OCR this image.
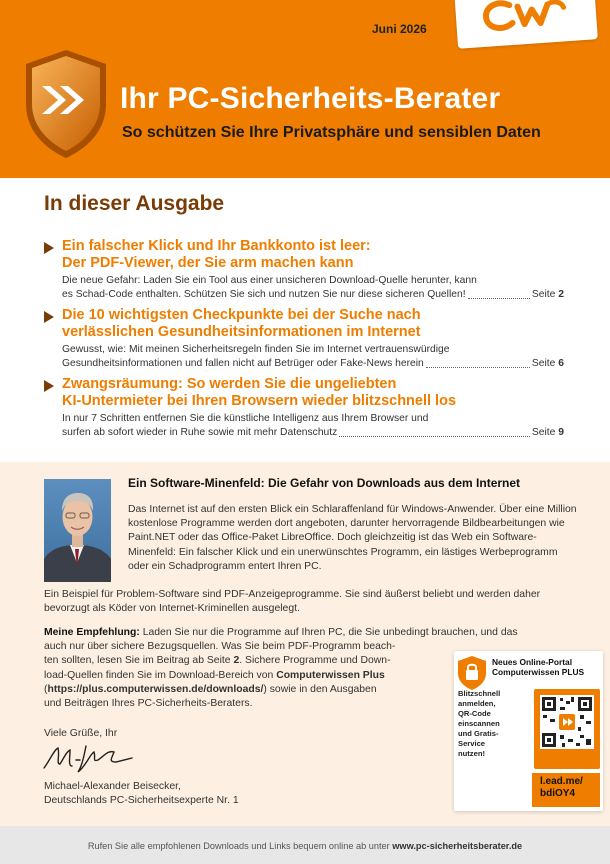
Juni 2026
Ihr PC-Sicherheits-Berater
So schützen Sie Ihre Privatsphäre und sensiblen Daten
In dieser Ausgabe
Ein falscher Klick und Ihr Bankkonto ist leer:
Der PDF-Viewer, der Sie arm machen kann
Die neue Gefahr: Laden Sie ein Tool aus einer unsicheren Download-Quelle herunter, kann
es Schad-Code enthalten. Schützen Sie sich und nutzen Sie nur diese sicheren Quellen!	Seite 2
Die 10 wichtigsten Checkpunkte bei der Suche nach
verlässlichen Gesundheitsinformationen im Internet
Gewusst, wie: Mit meinen Sicherheitsregeln finden Sie im Internet vertrauenswürdige
Gesundheitsinformationen und fallen nicht auf Betrüger oder Fake-News herein	Seite 6
Zwangsräumung: So werden Sie die ungeliebten
KI-Untermieter bei Ihren Browsern wieder blitzschnell los
In nur 7 Schritten entfernen Sie die künstliche Intelligenz aus Ihrem Browser und
surfen ab sofort wieder in Ruhe sowie mit mehr Datenschutz	Seite 9
Ein Software-Minenfeld: Die Gefahr von Downloads aus dem Internet
Das Internet ist auf den ersten Blick ein Schlaraffenland für Windows-Anwender. Über eine Million kostenlose Programme werden dort angeboten, darunter hervorragende Bildbearbeitungen wie Paint.NET oder das Office-Paket LibreOffice. Doch gleichzeitig ist das Web ein Software-Minenfeld: Ein falscher Klick und ein unerwünschtes Programm, ein lästiges Werbeprogramm oder ein Schadprogramm entert Ihren PC.
Ein Beispiel für Problem-Software sind PDF-Anzeigeprogramme. Sie sind äußerst beliebt und werden daher bevorzugt als Köder von Internet-Kriminellen ausgelegt.
Meine Empfehlung: Laden Sie nur die Programme auf Ihren PC, die Sie unbedingt brauchen, und das
auch nur über sichere Bezugsquellen. Was Sie beim PDF-Programm beach-
ten sollten, lesen Sie im Beitrag ab Seite 2. Sichere Programme und Down-
load-Quellen finden Sie im Download-Bereich von Computerwissen Plus
(https://plus.computerwissen.de/downloads/) sowie in den Ausgaben
und Beiträgen Ihres PC-Sicherheits-Beraters.
Viele Grüße, Ihr
Michael-Alexander Beisecker,
Deutschlands PC-Sicherheitsexperte Nr. 1
Neues Online-Portal
Computerwissen PLUS
Blitzschnell
anmelden,
QR-Code
einscannen
und Gratis-
Service
nutzen!
l.ead.me/
bdiOY4
Rufen Sie alle empfohlenen Downloads und Links bequem online ab unter www.pc-sicherheitsberater.de
